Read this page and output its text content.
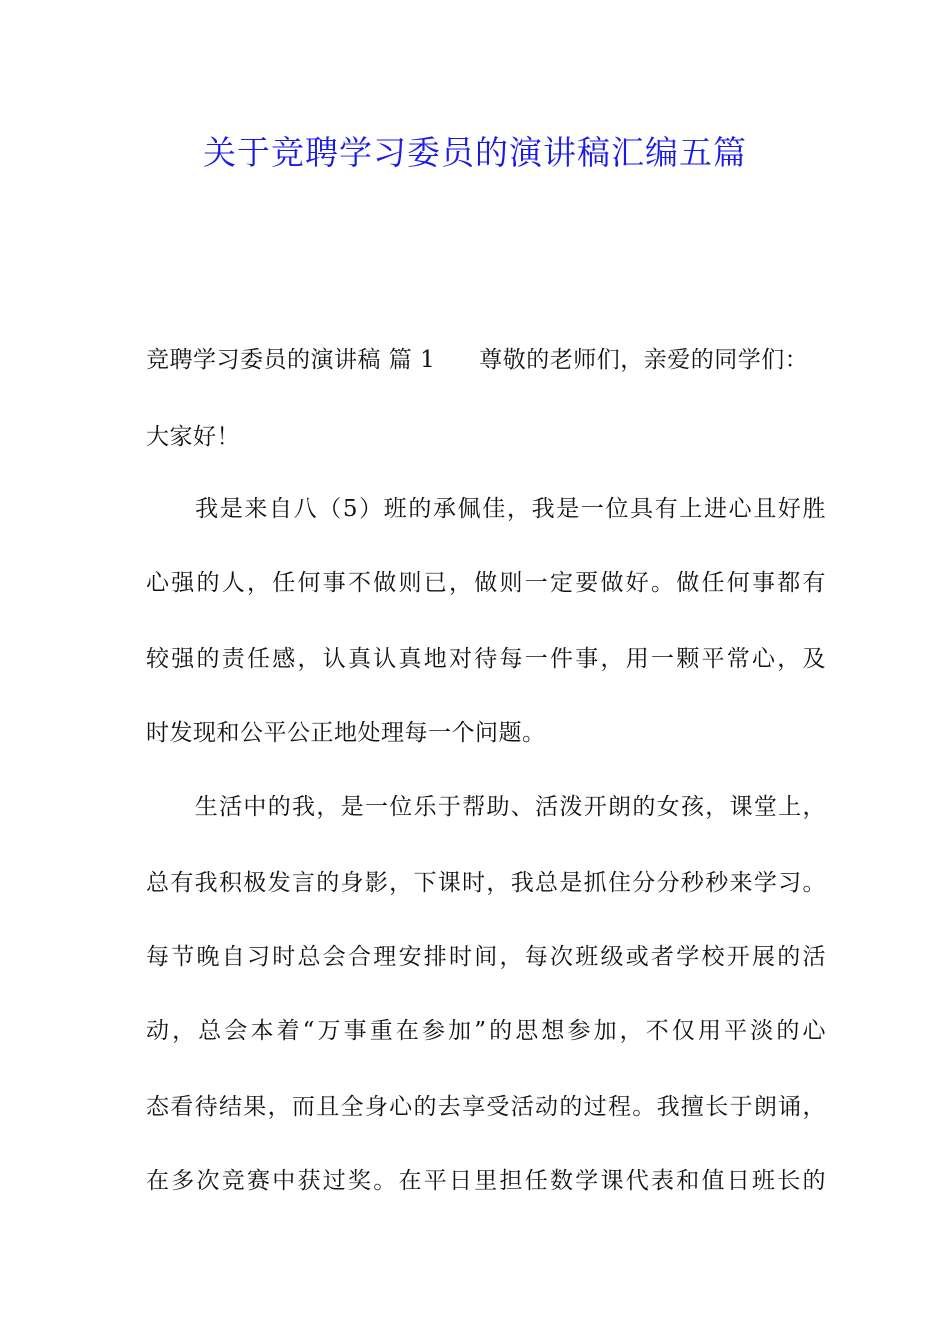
关于竞聘学习委员的演讲稿汇编五篇
竞聘学习委员的演讲稿 篇 1 尊敬的老师们，亲爱的同学们：
大家好！
我是来自八（5）班的承佩佳，我是一位具有上进心且好胜
心强的人，任何事不做则已，做则一定要做好。做任何事都有
较强的责任感，认真认真地对待每一件事，用一颗平常心，及
时发现和公平公正地处理每一个问题。
生活中的我，是一位乐于帮助、活泼开朗的女孩，课堂上，
总有我积极发言的身影，下课时，我总是抓住分分秒秒来学习。
每节晚自习时总会合理安排时间，每次班级或者学校开展的活
动，总会本着“万事重在参加”的思想参加，不仅用平淡的心
态看待结果，而且全身心的去享受活动的过程。我擅长于朗诵，
在多次竞赛中获过奖。在平日里担任数学课代表和值日班长的
